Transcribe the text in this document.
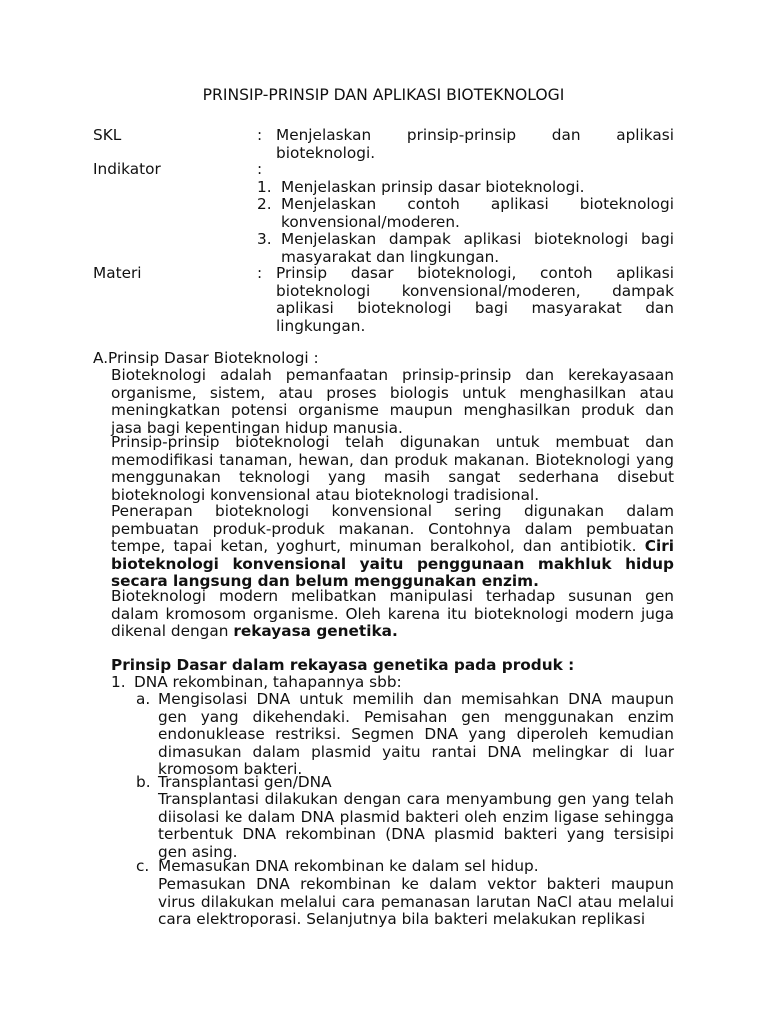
PRINSIP-PRINSIP DAN APLIKASI BIOTEKNOLOGI
SKL	: Menjelaskan prinsip-prinsip dan aplikasi bioteknologi.
Indikator	:
1. Menjelaskan prinsip dasar bioteknologi.
2. Menjelaskan contoh aplikasi bioteknologi konvensional/moderen.
3. Menjelaskan dampak aplikasi bioteknologi bagi masyarakat dan lingkungan.
Materi	: Prinsip dasar bioteknologi, contoh aplikasi bioteknologi konvensional/moderen, dampak aplikasi bioteknologi bagi masyarakat dan lingkungan.
A.Prinsip Dasar Bioteknologi :
Bioteknologi adalah pemanfaatan prinsip-prinsip dan kerekayasaan organisme, sistem, atau proses biologis untuk menghasilkan atau meningkatkan potensi organisme maupun menghasilkan produk dan jasa bagi kepentingan hidup manusia.
Prinsip-prinsip bioteknologi telah digunakan untuk membuat dan memodifikasi tanaman, hewan, dan produk makanan. Bioteknologi yang menggunakan teknologi yang masih sangat sederhana disebut bioteknologi konvensional atau bioteknologi tradisional.
Penerapan bioteknologi konvensional sering digunakan dalam pembuatan produk-produk makanan. Contohnya dalam pembuatan tempe, tapai ketan, yoghurt, minuman beralkohol, dan antibiotik. Ciri bioteknologi konvensional yaitu penggunaan makhluk hidup secara langsung dan belum menggunakan enzim.
Bioteknologi modern melibatkan manipulasi terhadap susunan gen dalam kromosom organisme. Oleh karena itu bioteknologi modern juga dikenal dengan rekayasa genetika.
Prinsip Dasar dalam rekayasa genetika pada produk :
1. DNA rekombinan, tahapannya sbb:
a. Mengisolasi DNA untuk memilih dan memisahkan DNA maupun gen yang dikehendaki. Pemisahan gen menggunakan enzim endonuklease restriksi. Segmen DNA yang diperoleh kemudian dimasukan dalam plasmid yaitu rantai DNA melingkar di luar kromosom bakteri.
b. Transplantasi gen/DNA
Transplantasi dilakukan dengan cara menyambung gen yang telah diisolasi ke dalam DNA plasmid bakteri oleh enzim ligase sehingga terbentuk DNA rekombinan (DNA plasmid bakteri yang tersisipi gen asing.
c. Memasukan DNA rekombinan ke dalam sel hidup.
Pemasukan DNA rekombinan ke dalam vektor bakteri maupun virus dilakukan melalui cara pemanasan larutan NaCl atau melalui cara elektroporasi. Selanjutnya bila bakteri melakukan replikasi
